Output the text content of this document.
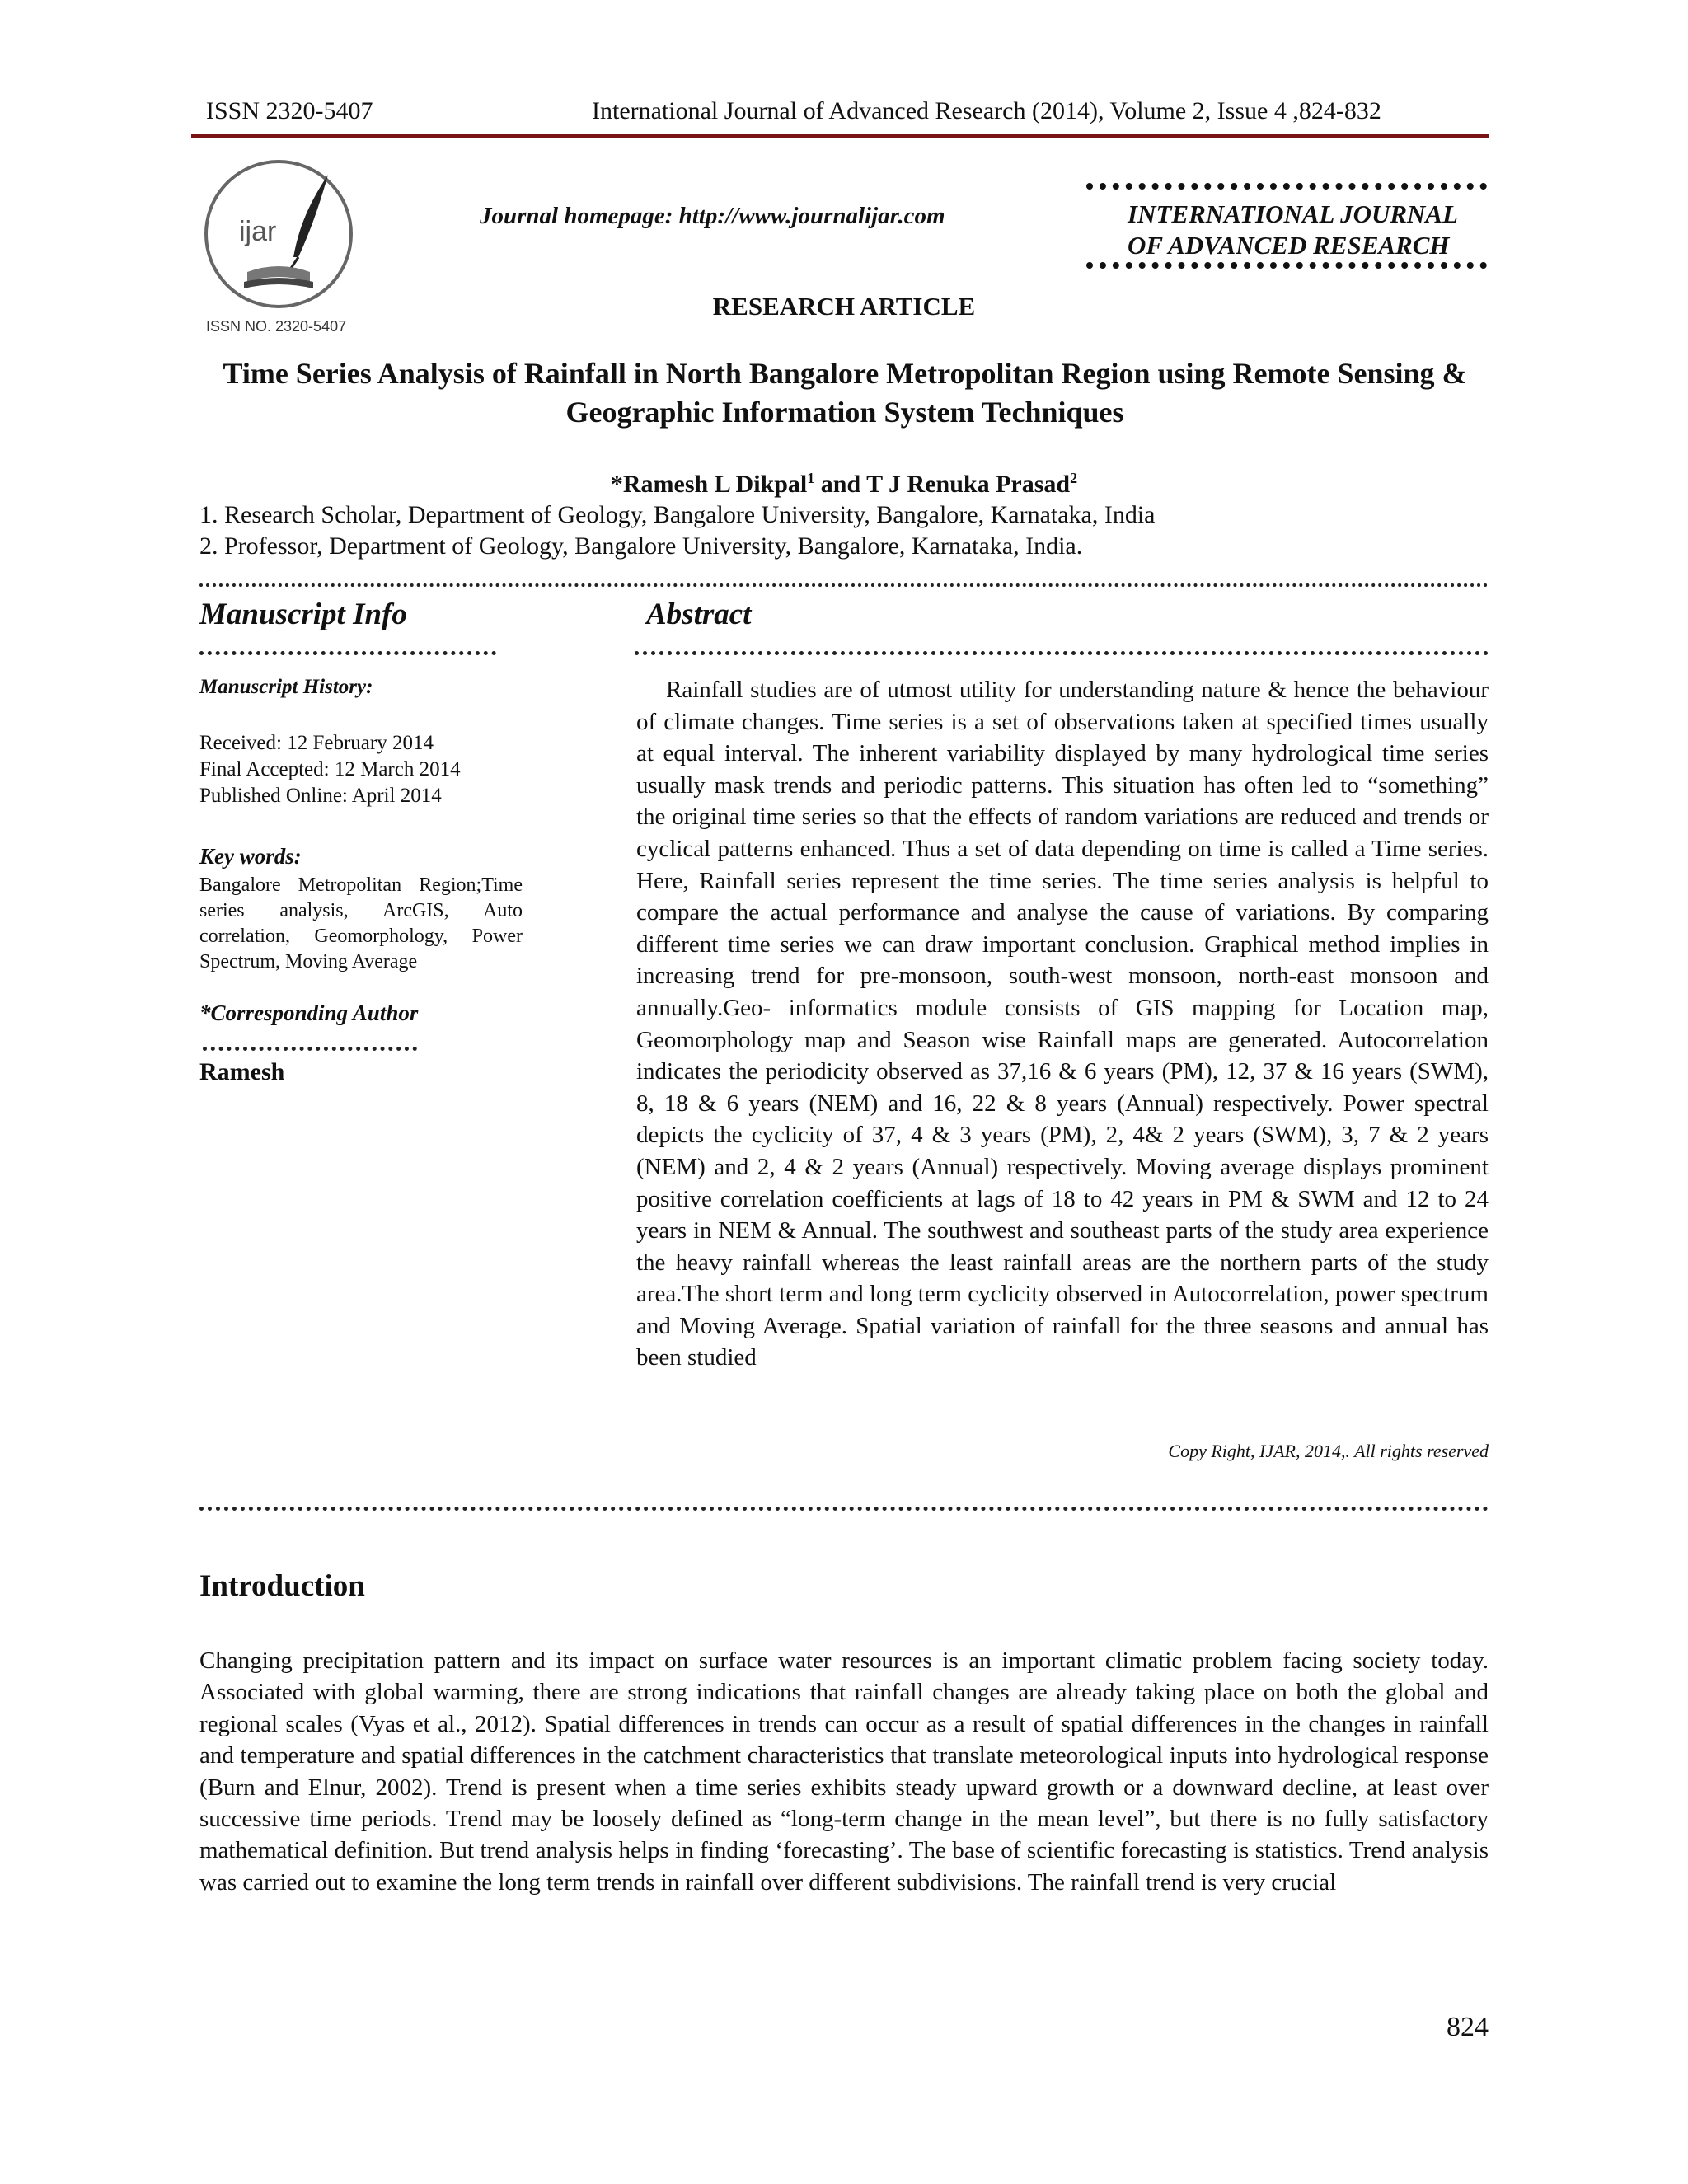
ISSN 2320-5407	International Journal of Advanced Research (2014), Volume 2, Issue 4 ,824-832
ijar
ISSN NO. 2320-5407
Journal homepage: http://www.journalijar.com	INTERNATIONAL JOURNAL
OF ADVANCED RESEARCH
RESEARCH ARTICLE
Time Series Analysis of Rainfall in North Bangalore Metropolitan Region using Remote Sensing & Geographic Information System Techniques
*Ramesh L Dikpal$^1$ and T J Renuka Prasad$^2$
1. Research Scholar, Department of Geology, Bangalore University, Bangalore, Karnataka, India
2. Professor, Department of Geology, Bangalore University, Bangalore, Karnataka, India.
Manuscript Info
Manuscript History:
Received: 12 February 2014
Final Accepted: 12 March 2014
Published Online: April 2014
Key words:
Bangalore Metropolitan Region;Time series analysis, ArcGIS, Auto correlation, Geomorphology, Power Spectrum, Moving Average
*Corresponding Author
Ramesh
Abstract
Rainfall studies are of utmost utility for understanding nature & hence the behaviour of climate changes. Time series is a set of observations taken at specified times usually at equal interval. The inherent variability displayed by many hydrological time series usually mask trends and periodic patterns. This situation has often led to “something” the original time series so that the effects of random variations are reduced and trends or cyclical patterns enhanced. Thus a set of data depending on time is called a Time series. Here, Rainfall series represent the time series. The time series analysis is helpful to compare the actual performance and analyse the cause of variations. By comparing different time series we can draw important conclusion. Graphical method implies in increasing trend for pre-monsoon, south-west monsoon, north-east monsoon and annually.Geo- informatics module consists of GIS mapping for Location map, Geomorphology map and Season wise Rainfall maps are generated. Autocorrelation indicates the periodicity observed as 37,16 & 6 years (PM), 12, 37 & 16 years (SWM), 8, 18 & 6 years (NEM) and 16, 22 & 8 years (Annual) respectively. Power spectral depicts the cyclicity of 37, 4 & 3 years (PM), 2, 4& 2 years (SWM), 3, 7 & 2 years (NEM) and 2, 4 & 2 years (Annual) respectively. Moving average displays prominent positive correlation coefficients at lags of 18 to 42 years in PM & SWM and 12 to 24 years in NEM & Annual. The southwest and southeast parts of the study area experience the heavy rainfall whereas the least rainfall areas are the northern parts of the study area.The short term and long term cyclicity observed in Autocorrelation, power spectrum and Moving Average. Spatial variation of rainfall for the three seasons and annual has been studied
Copy Right, IJAR, 2014,. All rights reserved
Introduction
Changing precipitation pattern and its impact on surface water resources is an important climatic problem facing society today. Associated with global warming, there are strong indications that rainfall changes are already taking place on both the global and regional scales (Vyas et al., 2012). Spatial differences in trends can occur as a result of spatial differences in the changes in rainfall and temperature and spatial differences in the catchment characteristics that translate meteorological inputs into hydrological response (Burn and Elnur, 2002). Trend is present when a time series exhibits steady upward growth or a downward decline, at least over successive time periods. Trend may be loosely defined as “long-term change in the mean level”, but there is no fully satisfactory mathematical definition. But trend analysis helps in finding ‘forecasting’. The base of scientific forecasting is statistics. Trend analysis was carried out to examine the long term trends in rainfall over different subdivisions. The rainfall trend is very crucial
824
